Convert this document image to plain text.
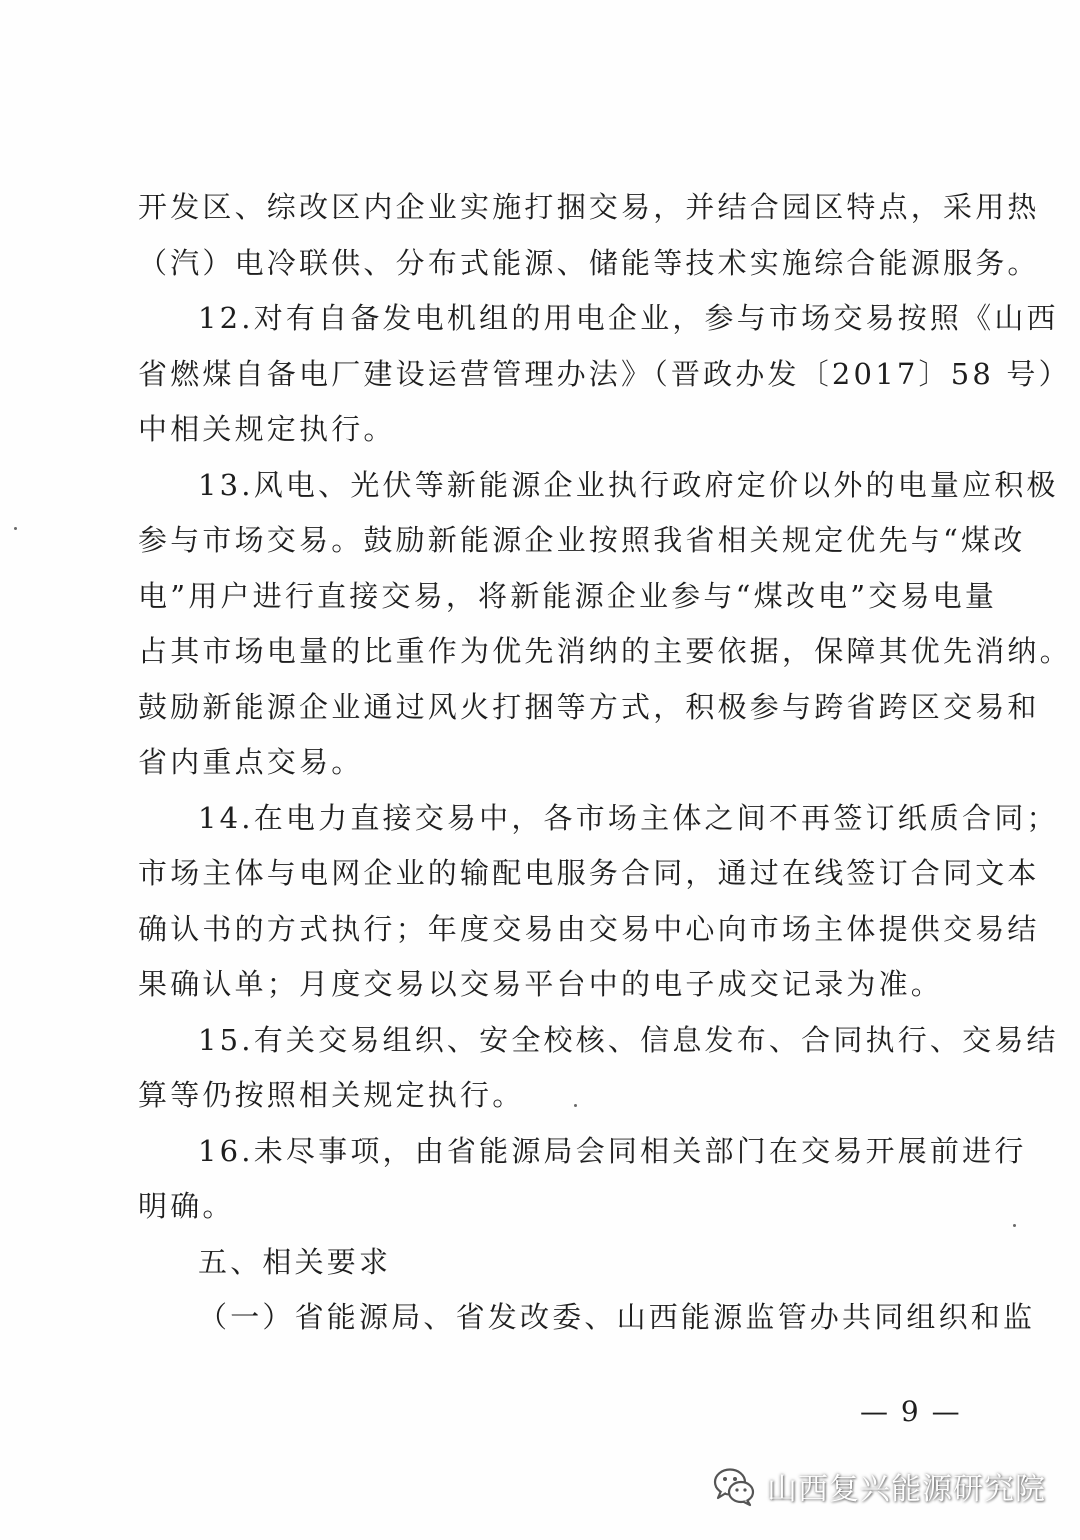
开发区、综改区内企业实施打捆交易，并结合园区特点，采用热
（汽）电冷联供、分布式能源、储能等技术实施综合能源服务。
12.对有自备发电机组的用电企业，参与市场交易按照《山西
省燃煤自备电厂建设运营管理办法》（晋政办发〔2017〕58 号）
中相关规定执行。
13.风电、光伏等新能源企业执行政府定价以外的电量应积极
参与市场交易。鼓励新能源企业按照我省相关规定优先与“煤改
电”用户进行直接交易，将新能源企业参与“煤改电”交易电量
占其市场电量的比重作为优先消纳的主要依据，保障其优先消纳。
鼓励新能源企业通过风火打捆等方式，积极参与跨省跨区交易和
省内重点交易。
14.在电力直接交易中，各市场主体之间不再签订纸质合同；
市场主体与电网企业的输配电服务合同，通过在线签订合同文本
确认书的方式执行；年度交易由交易中心向市场主体提供交易结
果确认单；月度交易以交易平台中的电子成交记录为准。
15.有关交易组织、安全校核、信息发布、合同执行、交易结
算等仍按照相关规定执行。
16.未尽事项，由省能源局会同相关部门在交易开展前进行
明确。
五、相关要求
（一）省能源局、省发改委、山西能源监管办共同组织和监
— 9 —
山西复兴能源研究院
